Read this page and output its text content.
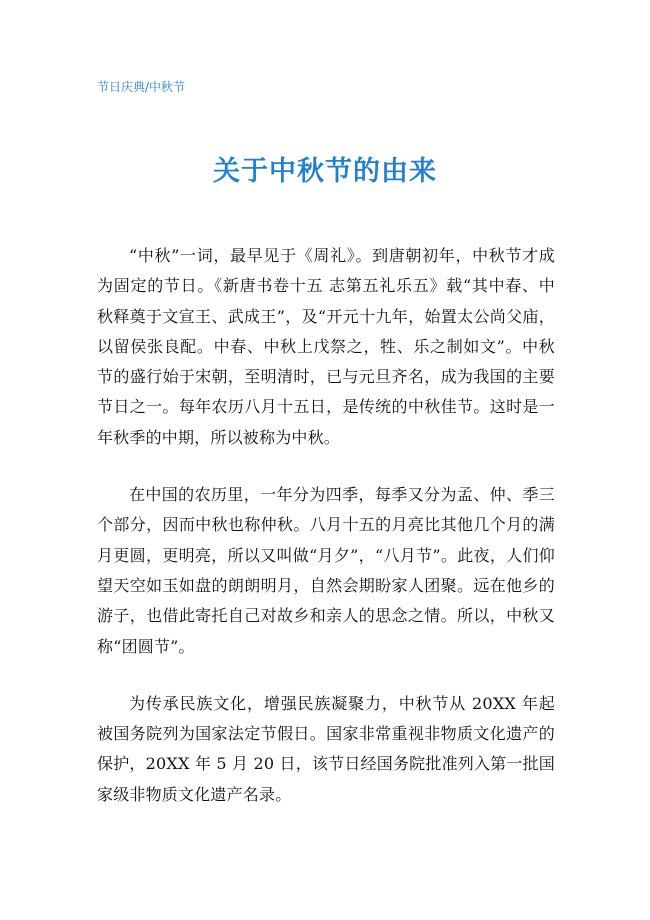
节日庆典/中秋节
关于中秋节的由来

“中秋”一词，最早见于《周礼》。到唐朝初年，中秋节才成为固定的节日。《新唐书卷十五 志第五礼乐五》载“其中春、中秋释奠于文宣王、武成王”，及“开元十九年，始置太公尚父庙，以留侯张良配。中春、中秋上戊祭之，牲、乐之制如文”。中秋节的盛行始于宋朝，至明清时，已与元旦齐名，成为我国的主要节日之一。每年农历八月十五日，是传统的中秋佳节。这时是一年秋季的中期，所以被称为中秋。

在中国的农历里，一年分为四季，每季又分为孟、仲、季三个部分，因而中秋也称仲秋。八月十五的月亮比其他几个月的满月更圆，更明亮，所以又叫做“月夕”，“八月节”。此夜，人们仰望天空如玉如盘的朗朗明月，自然会期盼家人团聚。远在他乡的游子，也借此寄托自己对故乡和亲人的思念之情。所以，中秋又称“团圆节”。

为传承民族文化，增强民族凝聚力，中秋节从 20XX 年起被国务院列为国家法定节假日。国家非常重视非物质文化遗产的保护，20XX 年 5 月 20 日，该节日经国务院批准列入第一批国家级非物质文化遗产名录。
